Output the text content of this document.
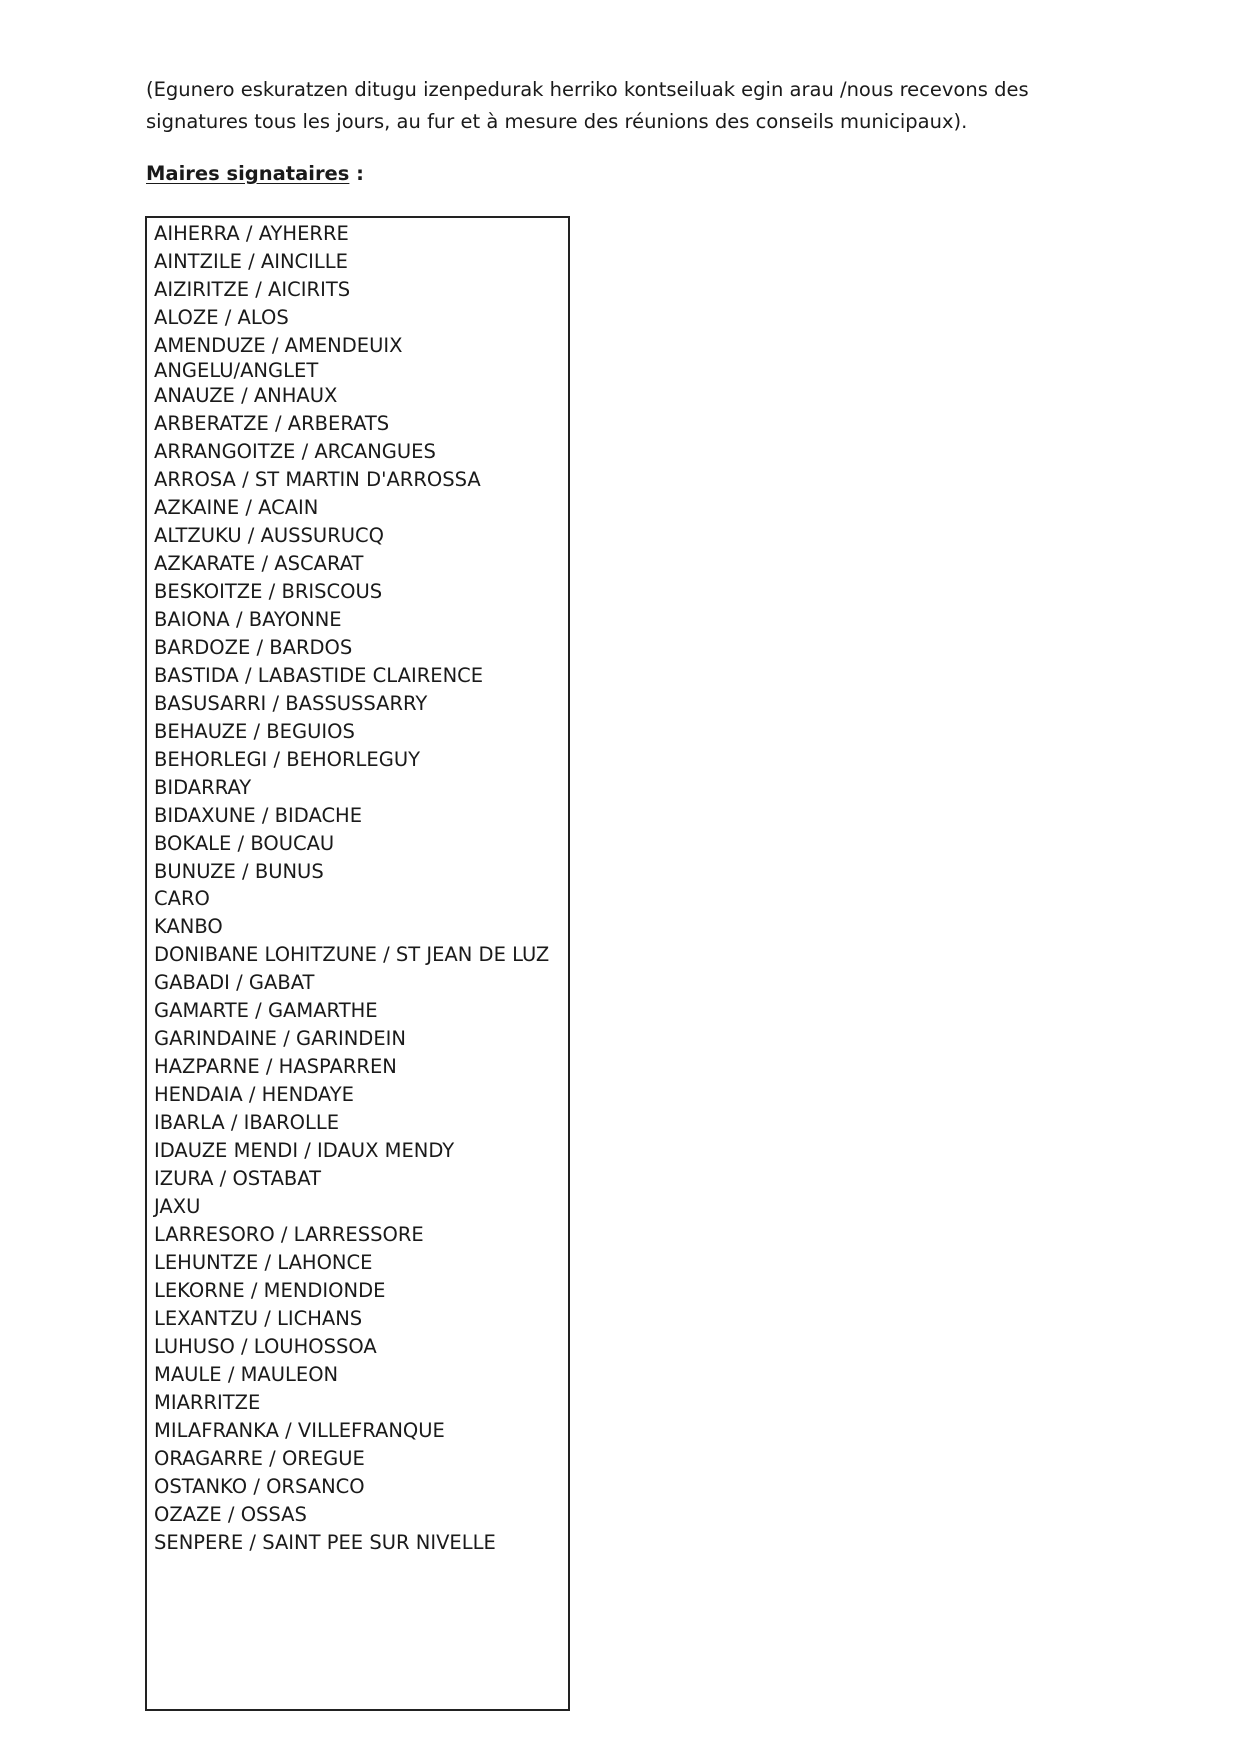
(Egunero eskuratzen ditugu izenpedurak herriko kontseiluak egin arau /nous recevons des signatures tous les jours, au fur et à mesure des réunions des conseils municipaux).

Maires signataires :

AIHERRA / AYHERRE
AINTZILE / AINCILLE
AIZIRITZE / AICIRITS
ALOZE / ALOS
AMENDUZE / AMENDEUIX
ANGELU/ANGLET
ANAUZE / ANHAUX
ARBERATZE / ARBERATS
ARRANGOITZE / ARCANGUES
ARROSA / ST MARTIN D'ARROSSA
AZKAINE / ACAIN
ALTZUKU / AUSSURUCQ
AZKARATE / ASCARAT
BESKOITZE / BRISCOUS
BAIONA / BAYONNE
BARDOZE / BARDOS
BASTIDA / LABASTIDE CLAIRENCE
BASUSARRI / BASSUSSARRY
BEHAUZE / BEGUIOS
BEHORLEGI / BEHORLEGUY
BIDARRAY
BIDAXUNE / BIDACHE
BOKALE / BOUCAU
BUNUZE / BUNUS
CARO
KANBO
DONIBANE LOHITZUNE / ST JEAN DE LUZ
GABADI / GABAT
GAMARTE / GAMARTHE
GARINDAINE / GARINDEIN
HAZPARNE / HASPARREN
HENDAIA / HENDAYE
IBARLA / IBAROLLE
IDAUZE MENDI / IDAUX MENDY
IZURA / OSTABAT
JAXU
LARRESORO / LARRESSORE
LEHUNTZE / LAHONCE
LEKORNE / MENDIONDE
LEXANTZU / LICHANS
LUHUSO / LOUHOSSOA
MAULE / MAULEON
MIARRITZE
MILAFRANKA / VILLEFRANQUE
ORAGARRE / OREGUE
OSTANKO / ORSANCO
OZAZE / OSSAS
SENPERE / SAINT PEE SUR NIVELLE
